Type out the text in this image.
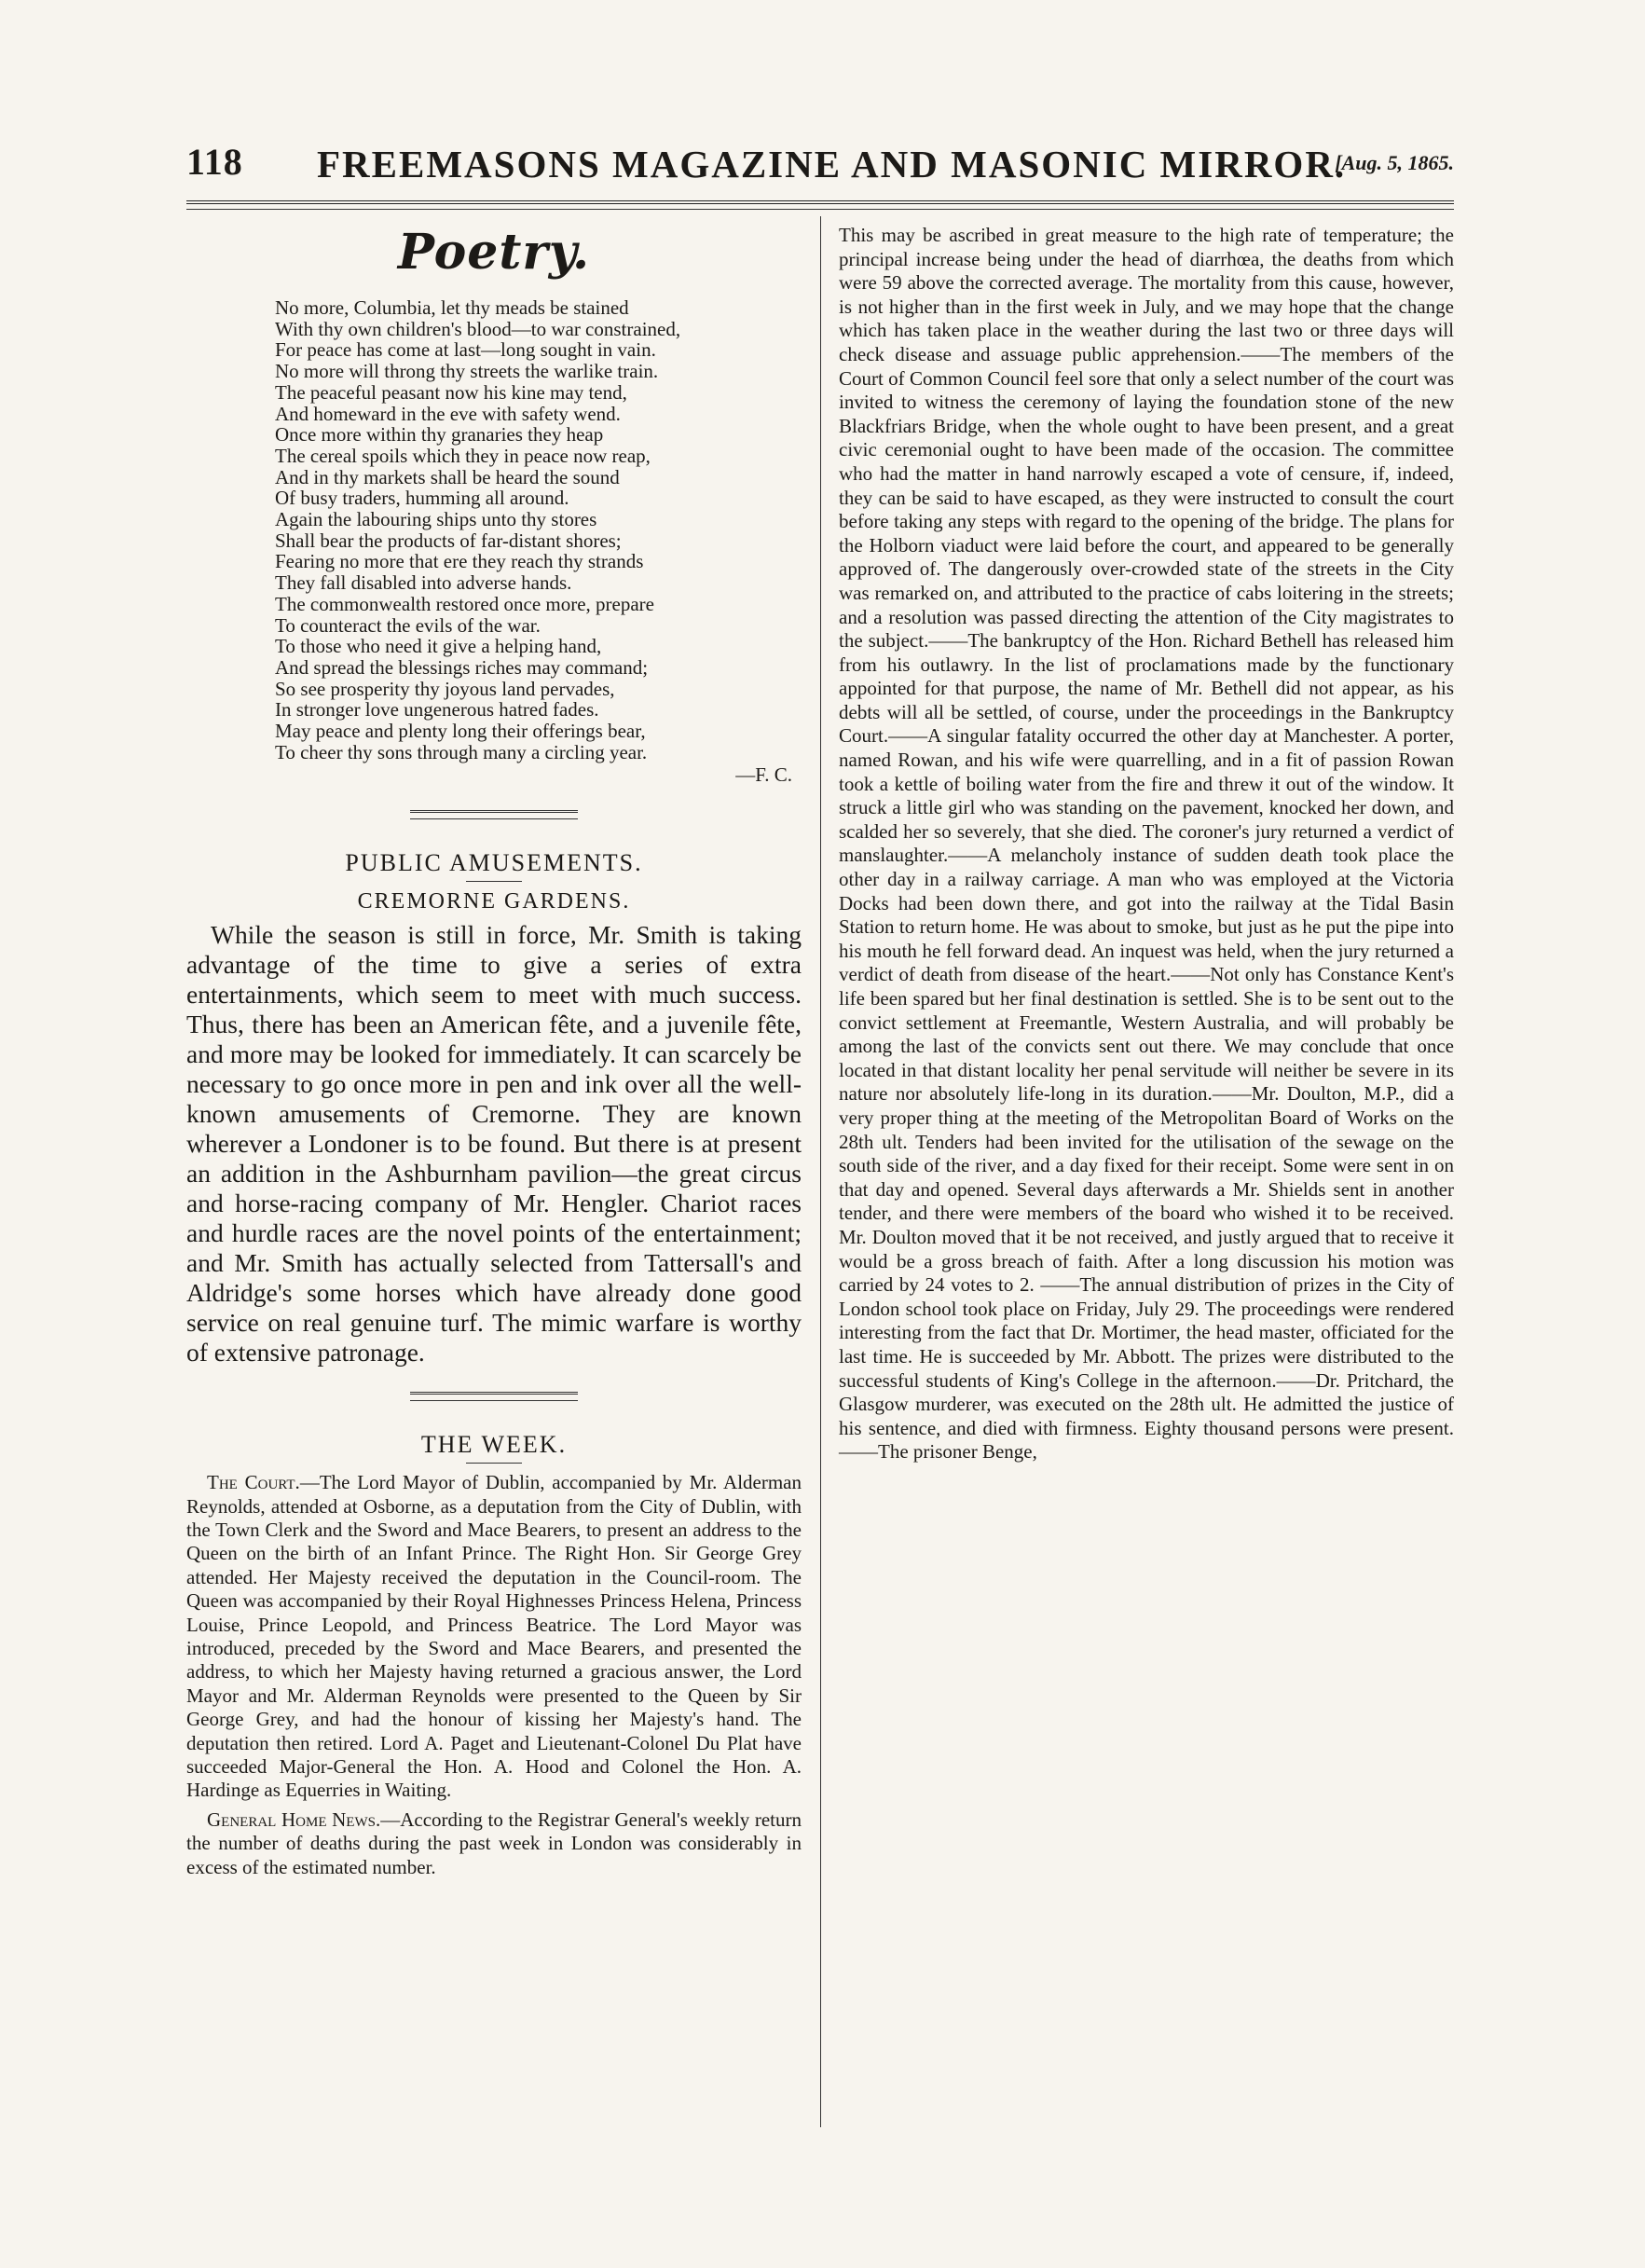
118 FREEMASONS MAGAZINE AND MASONIC MIRROR.
[Aug. 5, 1865.
Poetry.
No more, Columbia, let thy meads be stained
With thy own children's blood—to war constrained,
For peace has come at last—long sought in vain.
No more will throng thy streets the warlike train.
The peaceful peasant now his kine may tend,
And homeward in the eve with safety wend.
Once more within thy granaries they heap
The cereal spoils which they in peace now reap,
And in thy markets shall be heard the sound
Of busy traders, humming all around.
Again the labouring ships unto thy stores
Shall bear the products of far-distant shores;
Fearing no more that ere they reach thy strands
They fall disabled into adverse hands.
The commonwealth restored once more, prepare
To counteract the evils of the war.
To those who need it give a helping hand,
And spread the blessings riches may command;
So see prosperity thy joyous land pervades,
In stronger love ungenerous hatred fades.
May peace and plenty long their offerings bear,
To cheer thy sons through many a circling year.
—F. C.
PUBLIC AMUSEMENTS.
CREMORNE GARDENS.

While the season is still in force, Mr. Smith is taking advantage of the time to give a series of extra entertainments, which seem to meet with much success. Thus, there has been an American fête, and a juvenile fête, and more may be looked for immediately. It can scarcely be necessary to go once more in pen and ink over all the well-known amusements of Cremorne. They are known wherever a Londoner is to be found. But there is at present an addition in the Ashburnham pavilion—the great circus and horse-racing company of Mr. Hengler. Chariot races and hurdle races are the novel points of the entertainment; and Mr. Smith has actually selected from Tattersall's and Aldridge's some horses which have already done good service on real genuine turf. The mimic warfare is worthy of extensive patronage.

THE WEEK.

The Court.—The Lord Mayor of Dublin, accompanied by Mr. Alderman Reynolds, attended at Osborne, as a deputation from the City of Dublin, with the Town Clerk and the Sword and Mace Bearers, to present an address to the Queen on the birth of an Infant Prince. The Right Hon. Sir George Grey attended. Her Majesty received the deputation in the Council-room. The Queen was accompanied by their Royal Highnesses Princess Helena, Princess Louise, Prince Leopold, and Princess Beatrice. The Lord Mayor was introduced, preceded by the Sword and Mace Bearers, and presented the address, to which her Majesty having returned a gracious answer, the Lord Mayor and Mr. Alderman Reynolds were presented to the Queen by Sir George Grey, and had the honour of kissing her Majesty's hand. The deputation then retired. Lord A. Paget and Lieutenant-Colonel Du Plat have succeeded Major-General the Hon. A. Hood and Colonel the Hon. A. Hardinge as Equerries in Waiting.

General Home News.—According to the Registrar General's weekly return the number of deaths during the past week in London was considerably in excess of the estimated number.

This may be ascribed in great measure to the high rate of temperature; the principal increase being under the head of diarrhœa, the deaths from which were 59 above the corrected average. The mortality from this cause, however, is not higher than in the first week in July, and we may hope that the change which has taken place in the weather during the last two or three days will check disease and assuage public apprehension.——The members of the Court of Common Council feel sore that only a select number of the court was invited to witness the ceremony of laying the foundation stone of the new Blackfriars Bridge, when the whole ought to have been present, and a great civic ceremonial ought to have been made of the occasion. The committee who had the matter in hand narrowly escaped a vote of censure, if, indeed, they can be said to have escaped, as they were instructed to consult the court before taking any steps with regard to the opening of the bridge. The plans for the Holborn viaduct were laid before the court, and appeared to be generally approved of. The dangerously over-crowded state of the streets in the City was remarked on, and attributed to the practice of cabs loitering in the streets; and a resolution was passed directing the attention of the City magistrates to the subject.——The bankruptcy of the Hon. Richard Bethell has released him from his outlawry. In the list of proclamations made by the functionary appointed for that purpose, the name of Mr. Bethell did not appear, as his debts will all be settled, of course, under the proceedings in the Bankruptcy Court.——A singular fatality occurred the other day at Manchester. A porter, named Rowan, and his wife were quarrelling, and in a fit of passion Rowan took a kettle of boiling water from the fire and threw it out of the window. It struck a little girl who was standing on the pavement, knocked her down, and scalded her so severely, that she died. The coroner's jury returned a verdict of manslaughter.——A melancholy instance of sudden death took place the other day in a railway carriage. A man who was employed at the Victoria Docks had been down there, and got into the railway at the Tidal Basin Station to return home. He was about to smoke, but just as he put the pipe into his mouth he fell forward dead. An inquest was held, when the jury returned a verdict of death from disease of the heart.——Not only has Constance Kent's life been spared but her final destination is settled. She is to be sent out to the convict settlement at Freemantle, Western Australia, and will probably be among the last of the convicts sent out there. We may conclude that once located in that distant locality her penal servitude will neither be severe in its nature nor absolutely life-long in its duration.——Mr. Doulton, M.P., did a very proper thing at the meeting of the Metropolitan Board of Works on the 28th ult. Tenders had been invited for the utilisation of the sewage on the south side of the river, and a day fixed for their receipt. Some were sent in on that day and opened. Several days afterwards a Mr. Shields sent in another tender, and there were members of the board who wished it to be received. Mr. Doulton moved that it be not received, and justly argued that to receive it would be a gross breach of faith. After a long discussion his motion was carried by 24 votes to 2. ——The annual distribution of prizes in the City of London school took place on Friday, July 29. The proceedings were rendered interesting from the fact that Dr. Mortimer, the head master, officiated for the last time. He is succeeded by Mr. Abbott. The prizes were distributed to the successful students of King's College in the afternoon.——Dr. Pritchard, the Glasgow murderer, was executed on the 28th ult. He admitted the justice of his sentence, and died with firmness. Eighty thousand persons were present.——The prisoner Benge,
